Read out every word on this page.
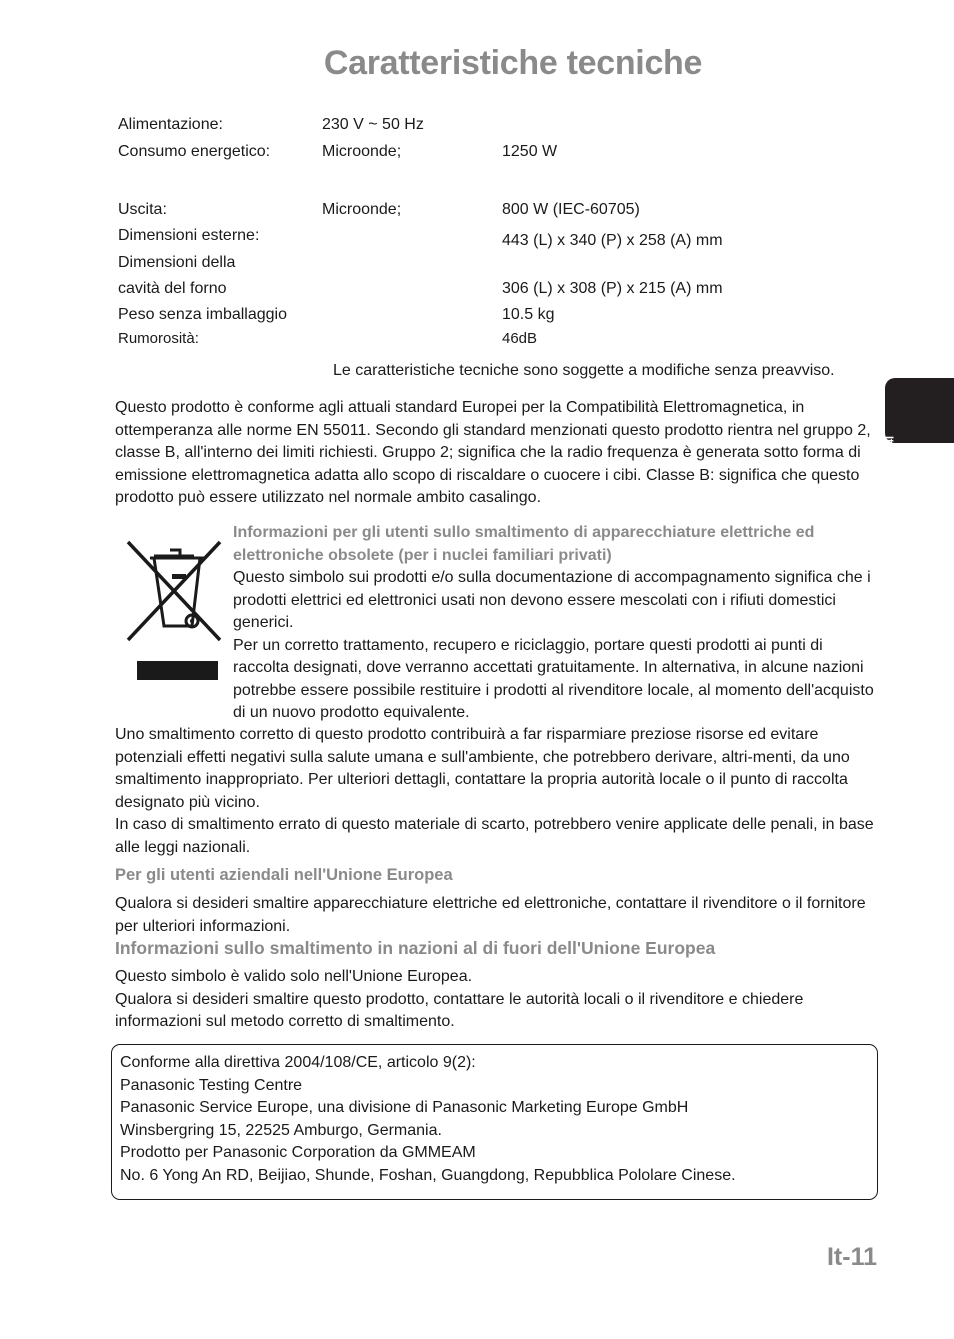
Caratteristiche tecniche
Alimentazione:	230 V ~ 50 Hz
Consumo energetico:	Microonde;	1250 W
Uscita:	Microonde;	800 W (IEC-60705)
Dimensioni esterne:	443 (L) x 340 (P) x 258 (A) mm
Dimensioni della
cavità del forno	306 (L) x 308 (P) x 215 (A) mm
Peso senza imballaggio	10.5 kg
Rumorosità:	46dB
Le caratteristiche tecniche sono soggette a modifiche senza preavviso.
Italiano
Questo prodotto è conforme agli attuali standard Europei per la Compatibilità Elettromagnetica, in ottemperanza alle norme EN 55011. Secondo gli standard menzionati questo prodotto rientra nel gruppo 2, classe B, all'interno dei limiti richiesti. Gruppo 2; significa che la radio frequenza è generata sotto forma di emissione elettromagnetica adatta allo scopo di riscaldare o cuocere i cibi. Classe B: significa che questo prodotto può essere utilizzato nel normale ambito casalingo.
Informazioni per gli utenti sullo smaltimento di apparecchiature elettriche ed elettroniche obsolete (per i nuclei familiari privati)
Questo simbolo sui prodotti e/o sulla documentazione di accompagnamento significa che i prodotti elettrici ed elettronici usati non devono essere mescolati con i rifiuti domestici generici.
Per un corretto trattamento, recupero e riciclaggio, portare questi prodotti ai punti di raccolta designati, dove verranno accettati gratuitamente. In alternativa, in alcune nazioni potrebbe essere possibile restituire i prodotti al rivenditore locale, al momento dell'acquisto di un nuovo prodotto equivalente.
Uno smaltimento corretto di questo prodotto contribuirà a far risparmiare preziose risorse ed evitare potenziali effetti negativi sulla salute umana e sull'ambiente, che potrebbero derivare, altri-menti, da uno smaltimento inappropriato. Per ulteriori dettagli, contattare la propria autorità locale o il punto di raccolta designato più vicino.
In caso di smaltimento errato di questo materiale di scarto, potrebbero venire applicate delle penali, in base alle leggi nazionali.
Per gli utenti aziendali nell'Unione Europea
Qualora si desideri smaltire apparecchiature elettriche ed elettroniche, contattare il rivenditore o il fornitore per ulteriori informazioni.
Informazioni sullo smaltimento in nazioni al di fuori dell'Unione Europea
Questo simbolo è valido solo nell'Unione Europea.
Qualora si desideri smaltire questo prodotto, contattare le autorità locali o il rivenditore e chiedere informazioni sul metodo corretto di smaltimento.
Conforme alla direttiva 2004/108/CE, articolo 9(2):
Panasonic Testing Centre
Panasonic Service Europe, una divisione di Panasonic Marketing Europe GmbH
Winsbergring 15, 22525 Amburgo, Germania.
Prodotto per Panasonic Corporation da GMMEAM
No. 6 Yong An RD, Beijiao, Shunde, Foshan, Guangdong, Repubblica Pololare Cinese.
It-11
